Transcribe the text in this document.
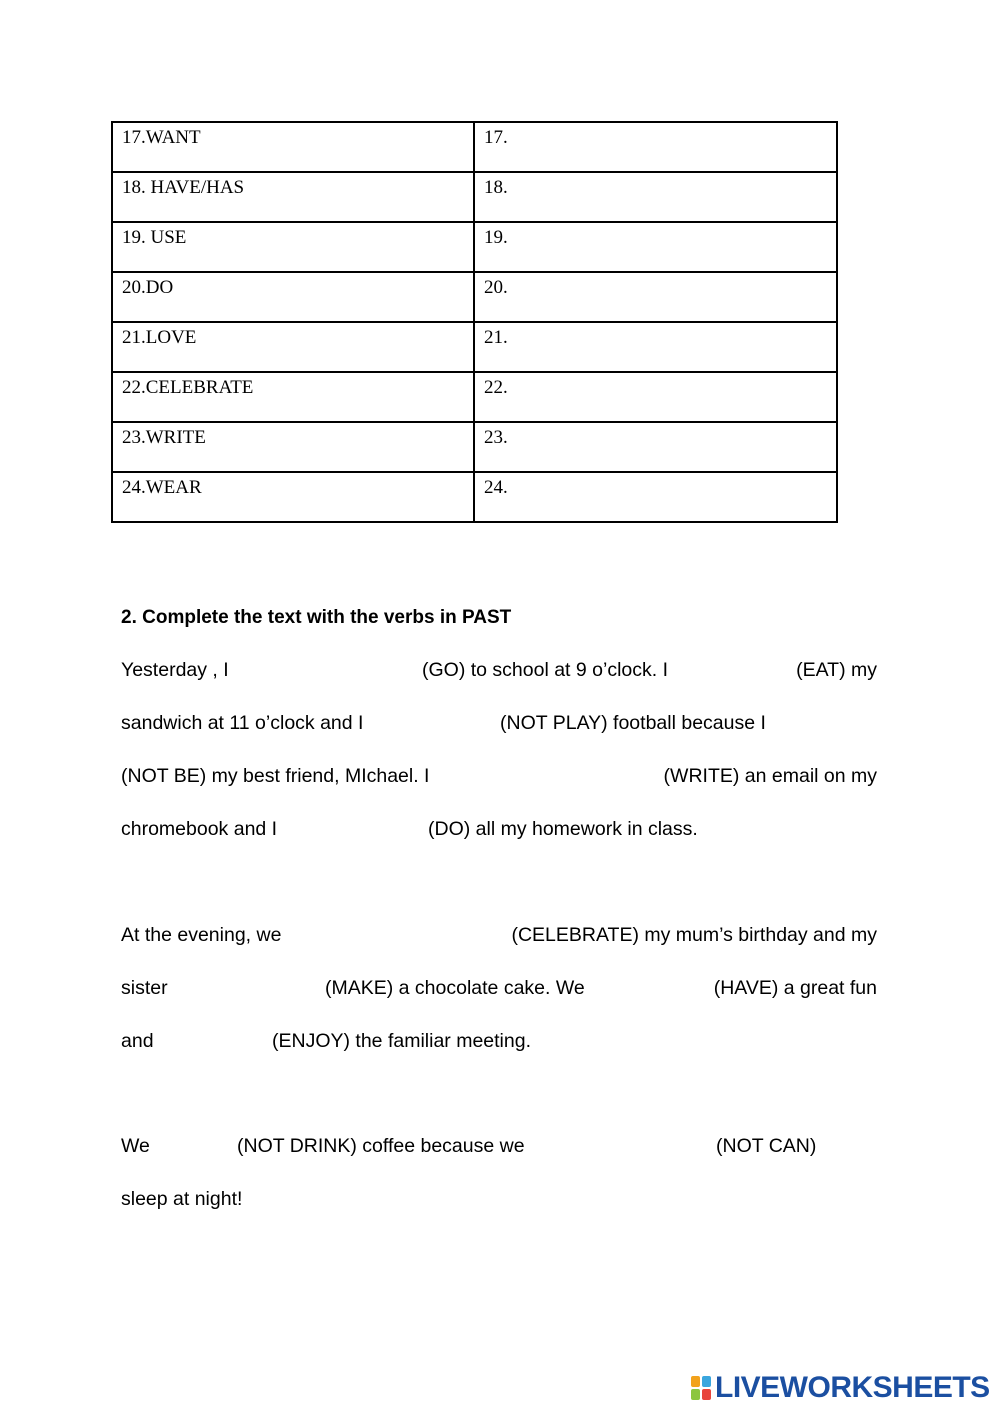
17.WANT	17.

18. HAVE/HAS	18.

19. USE	19.

20.DO	20.

21.LOVE	21.

22.CELEBRATE	22.

23.WRITE	23.

24.WEAR	24.
2. Complete the text with the verbs in PAST
Yesterday , I	(GO) to school at 9 o’clock. I	(EAT) my
sandwich at 11 o’clock and I	(NOT PLAY) football because I
(NOT BE) my best friend, MIchael. I	(WRITE) an email on my
chromebook and I	(DO) all my homework in class.
At the evening, we	(CELEBRATE) my mum’s birthday and my
sister	(MAKE) a chocolate cake. We	(HAVE) a great fun
and	(ENJOY) the familiar meeting.
We	(NOT DRINK) coffee because we	(NOT CAN)
sleep at night!
LIVEWORKSHEETS
